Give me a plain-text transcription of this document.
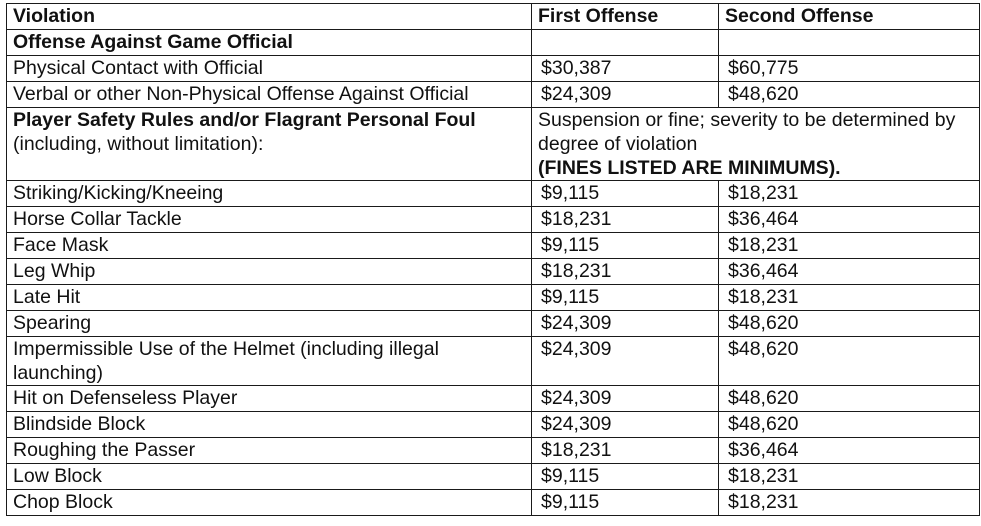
Violation	First Offense	Second Offense
Offense Against Game Official		
Physical Contact with Official	$30,387	$60,775
Verbal or other Non-Physical Offense Against Official	$24,309	$48,620
Player Safety Rules and/or Flagrant Personal Foul (including, without limitation):	Suspension or fine; severity to be determined by degree of violation
(FINES LISTED ARE MINIMUMS).	
Striking/Kicking/Kneeing	$9,115	$18,231
Horse Collar Tackle	$18,231	$36,464
Face Mask	$9,115	$18,231
Leg Whip	$18,231	$36,464
Late Hit	$9,115	$18,231
Spearing	$24,309	$48,620
Impermissible Use of the Helmet (including illegal launching)	$24,309	$48,620
Hit on Defenseless Player	$24,309	$48,620
Blindside Block	$24,309	$48,620
Roughing the Passer	$18,231	$36,464
Low Block	$9,115	$18,231
Chop Block	$9,115	$18,231
